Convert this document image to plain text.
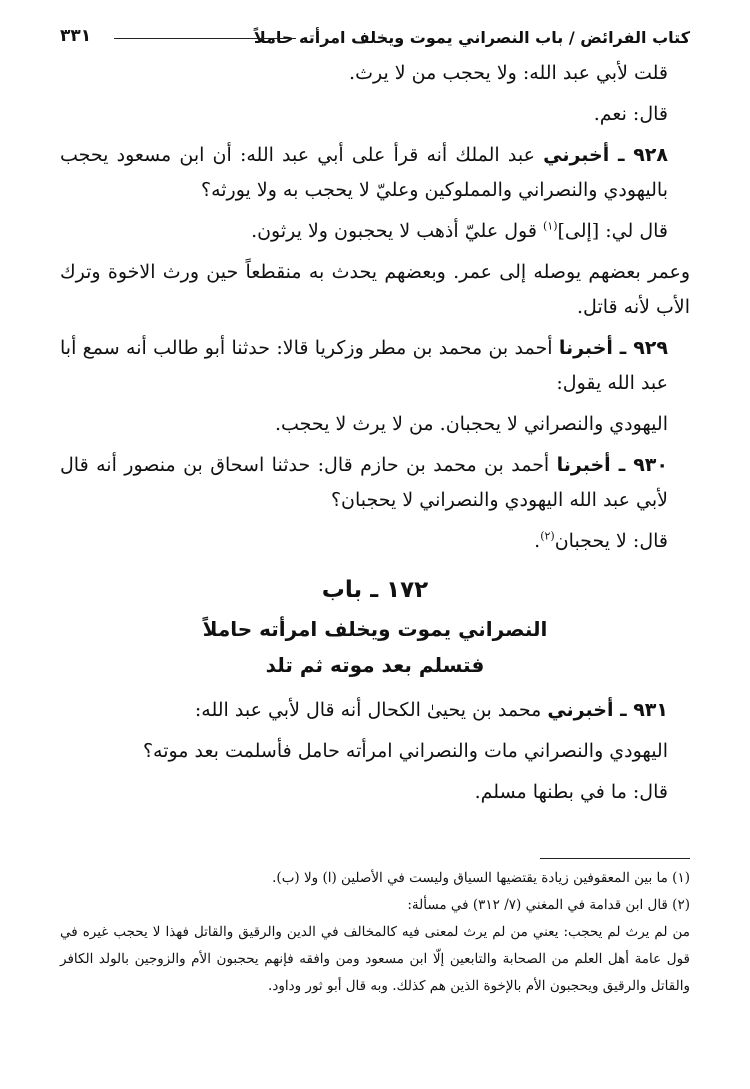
كتاب الفرائض / باب النصراني يموت ويخلف امرأته حاملاً
٣٣١

قلت لأبي عبد الله: ولا يحجب من لا يرث.

قال: نعم.

٩٢٨ ـ أخبرني عبد الملك أنه قرأ على أبي عبد الله: أن ابن مسعود يحجب باليهودي والنصراني والمملوكين وعليّ لا يحجب به ولا يورثه؟

قال لي: [إلى]$^{(١)}$ قول عليّ أذهب لا يحجبون ولا يرثون.

وعمر بعضهم يوصله إلى عمر. وبعضهم يحدث به منقطعاً حين ورث الاخوة وترك الأب لأنه قاتل.

٩٢٩ ـ أخبرنا أحمد بن محمد بن مطر وزكريا قالا: حدثنا أبو طالب أنه سمع أبا عبد الله يقول:

اليهودي والنصراني لا يحجبان. من لا يرث لا يحجب.

٩٣٠ ـ أخبرنا أحمد بن محمد بن حازم قال: حدثنا اسحاق بن منصور أنه قال لأبي عبد الله اليهودي والنصراني لا يحجبان؟

قال: لا يحجبان$^{(٢)}$.

١٧٢ ـ باب
النصراني يموت ويخلف امرأته حاملاً
فتسلم بعد موته ثم تلد

٩٣١ ـ أخبرني محمد بن يحيىٰ الكحال أنه قال لأبي عبد الله:

اليهودي والنصراني مات والنصراني امرأته حامل فأسلمت بعد موته؟

قال: ما في بطنها مسلم.

(١) ما بين المعقوفين زيادة يقتضيها السياق وليست في الأصلين (ا) ولا (ب).

(٢) قال ابن قدامة في المغني (٧/ ٣١٢) في مسألة:

من لم يرث لم يحجب: يعني من لم يرث لمعنى فيه كالمخالف في الدين والرقيق والقاتل فهذا لا يحجب غيره في قول عامة أهل العلم من الصحابة والتابعين إلّا ابن مسعود ومن وافقه فإنهم يحجبون الأم والزوجين بالولد الكافر والقاتل والرقيق ويحجبون الأم بالإخوة الذين هم كذلك. وبه قال أبو ثور وداود.
